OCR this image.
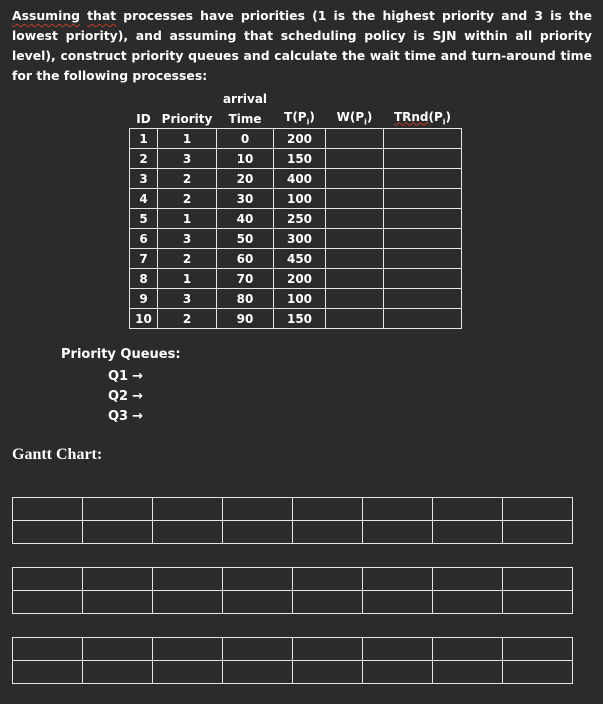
Assuming that processes have priorities (1 is the highest priority and 3 is the lowest priority), and assuming that scheduling policy is SJN within all priority level), construct priority queues and calculate the wait time and turn-around time for the following processes:
		arrival			
ID	Priority	Time	$T(P_i)$	$W(P_i)$	$TRnd(P_i)$
1	1	0	200		
2	3	10	150		
3	2	20	400		
4	2	30	100		
5	1	40	250		
6	3	50	300		
7	2	60	450		
8	1	70	200		
9	3	80	100		
10	2	90	150		
Priority Queues:
Q1 →
Q2 →
Q3 →
Gantt Chart:
